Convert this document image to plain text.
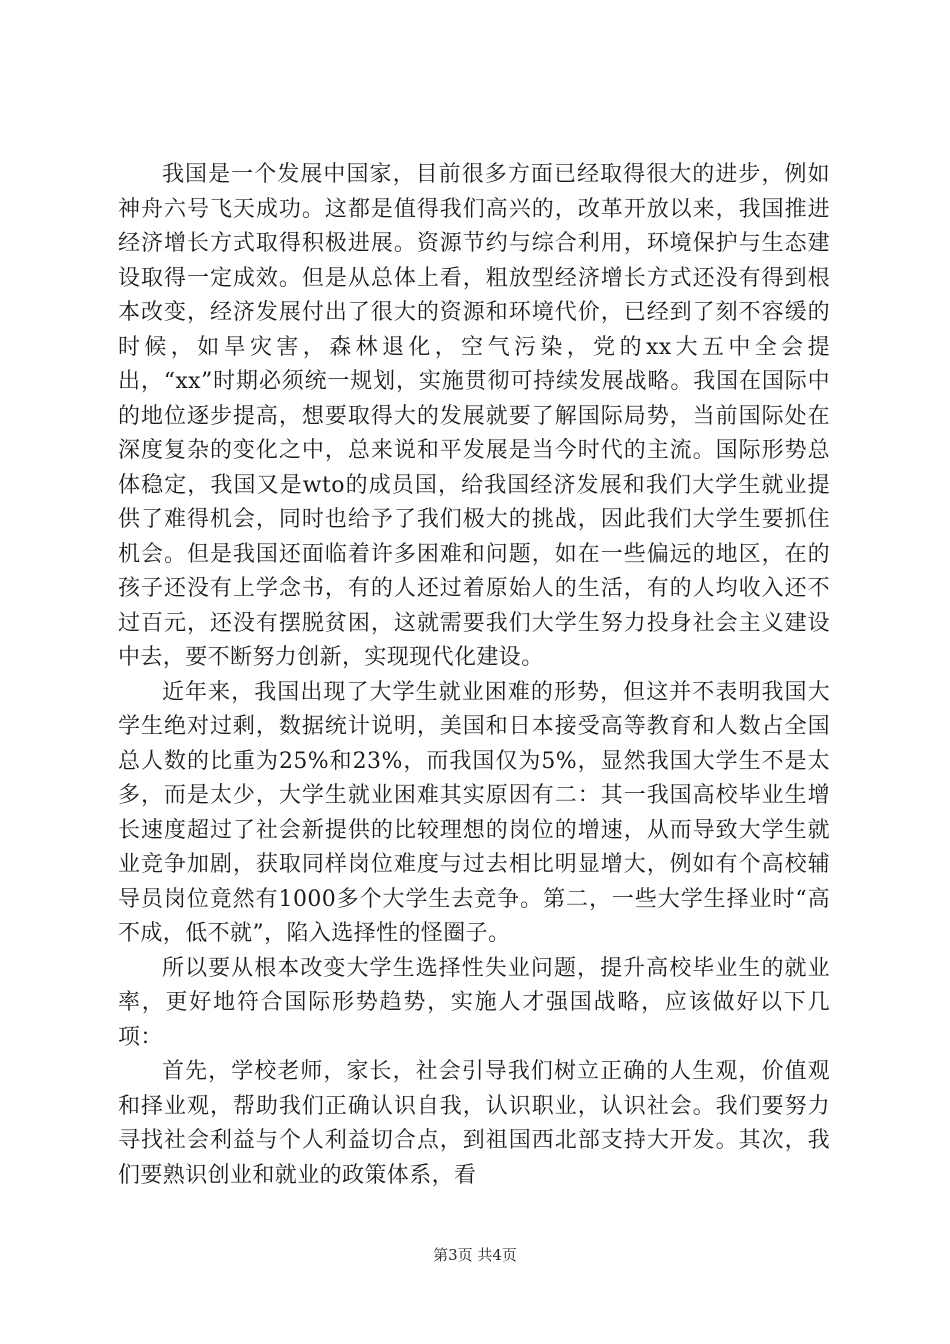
我国是一个发展中国家，目前很多方面已经取得很大的进步，例如神舟六号飞天成功。这都是值得我们高兴的，改革开放以来，我国推进经济增长方式取得积极进展。资源节约与综合利用，环境保护与生态建设取得一定成效。但是从总体上看，粗放型经济增长方式还没有得到根本改变，经济发展付出了很大的资源和环境代价，已经到了刻不容缓的时候，如旱灾害，森林退化，空气污染，党的xx大五中全会提出，“xx”时期必须统一规划，实施贯彻可持续发展战略。我国在国际中的地位逐步提高，想要取得大的发展就要了解国际局势，当前国际处在深度复杂的变化之中，总来说和平发展是当今时代的主流。国际形势总体稳定，我国又是wto的成员国，给我国经济发展和我们大学生就业提供了难得机会，同时也给予了我们极大的挑战，因此我们大学生要抓住机会。但是我国还面临着许多困难和问题，如在一些偏远的地区，在的孩子还没有上学念书，有的人还过着原始人的生活，有的人均收入还不过百元，还没有摆脱贫困，这就需要我们大学生努力投身社会主义建设中去，要不断努力创新，实现现代化建设。

近年来，我国出现了大学生就业困难的形势，但这并不表明我国大学生绝对过剩，数据统计说明，美国和日本接受高等教育和人数占全国总人数的比重为25%和23%，而我国仅为5%，显然我国大学生不是太多，而是太少，大学生就业困难其实原因有二：其一我国高校毕业生增长速度超过了社会新提供的比较理想的岗位的增速，从而导致大学生就业竞争加剧，获取同样岗位难度与过去相比明显增大，例如有个高校辅导员岗位竟然有1000多个大学生去竞争。第二，一些大学生择业时“高不成，低不就”，陷入选择性的怪圈子。

所以要从根本改变大学生选择性失业问题，提升高校毕业生的就业率，更好地符合国际形势趋势，实施人才强国战略，应该做好以下几项：

首先，学校老师，家长，社会引导我们树立正确的人生观，价值观和择业观，帮助我们正确认识自我，认识职业，认识社会。我们要努力寻找社会利益与个人利益切合点，到祖国西北部支持大开发。其次，我们要熟识创业和就业的政策体系，看

第3页 共4页
